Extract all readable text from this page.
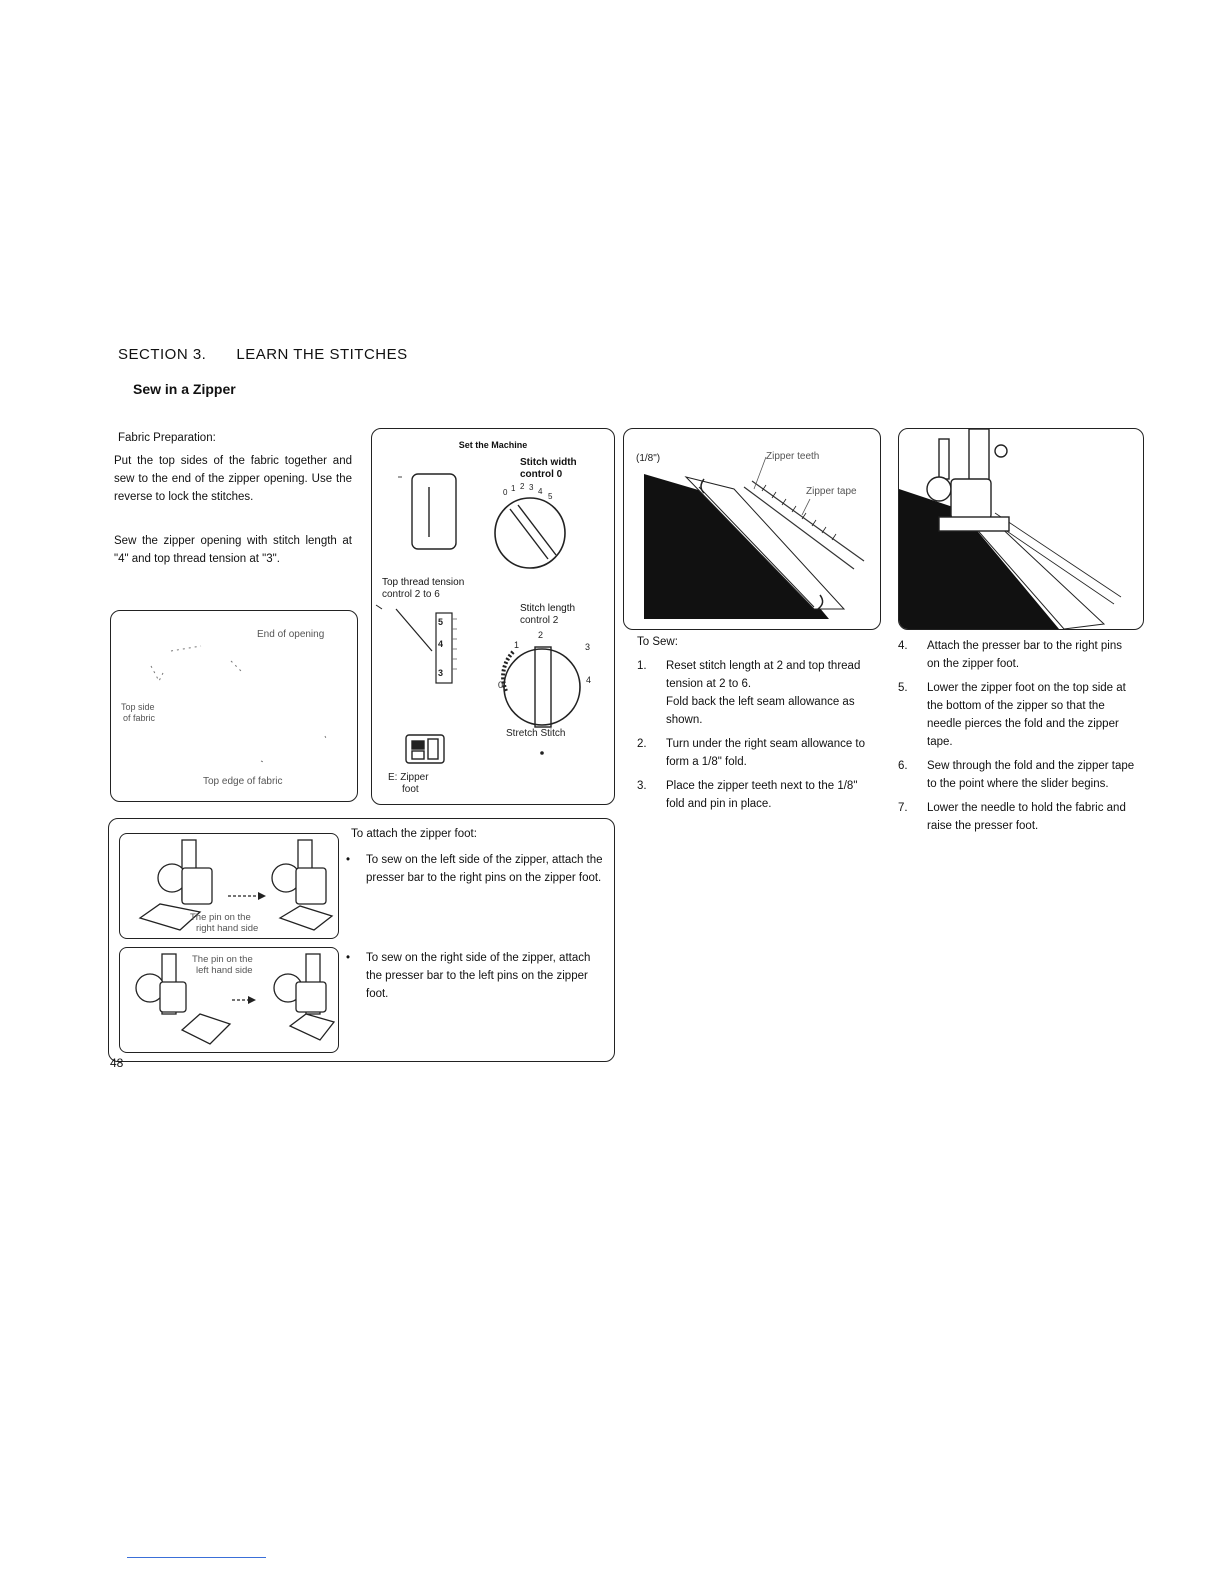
SECTION 3. LEARN THE STITCHES
Sew in a Zipper
Fabric Preparation:
Put the top sides of the fabric together and sew to the end of the zipper opening. Use the reverse to lock the stitches.
Sew the zipper opening with stitch length at "4" and top thread tension at "3".
End of opening
Top side
of fabric
Top edge of fabric
Set the Machine
Stitch width
control 0
0 1 2 3 4
5
5
4
3
Top thread tension
control 2 to 6
Stitch length
control 2
0
1
2
3
4
Stretch Stitch
E: Zipper
foot
(1/8")	Zipper teeth
Zipper tape
To Sew:
1. Reset stitch length at 2 and top thread tension at 2 to 6.
Fold back the left seam allowance as shown.
2. Turn under the right seam allowance to form a 1/8" fold.
3. Place the zipper teeth next to the 1/8" fold and pin in place.
4. Attach the presser bar to the right pins on the zipper foot.
5. Lower the zipper foot on the top side at the bottom of the zipper so that the needle pierces the fold and the zipper tape.
6. Sew through the fold and the zipper tape to the point where the slider begins.
7. Lower the needle to hold the fabric and raise the presser foot.
The pin on the
right hand side
The pin on the
left hand side
To attach the zipper foot:
• To sew on the left side of the zipper, attach the presser bar to the right pins on the zipper foot.
• To sew on the right side of the zipper, attach the presser bar to the left pins on the zipper foot.
48
